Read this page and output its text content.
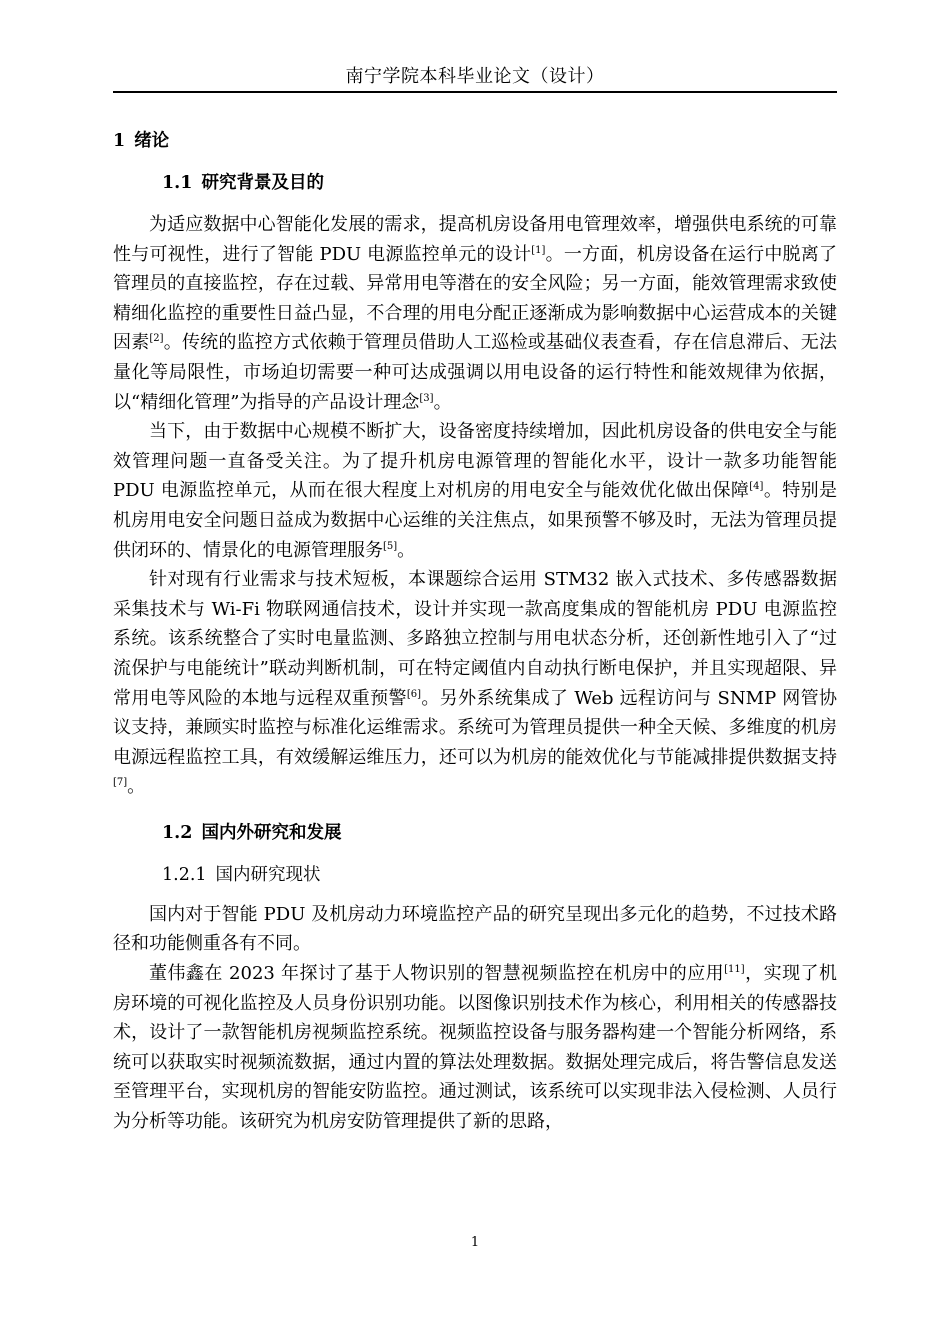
南宁学院本科毕业论文（设计）
1 绪论
1.1 研究背景及目的

为适应数据中心智能化发展的需求，提高机房设备用电管理效率，增强供电系统的可靠性与可视性，进行了智能 PDU 电源监控单元的设计[1]。一方面，机房设备在运行中脱离了管理员的直接监控，存在过载、异常用电等潜在的安全风险；另一方面，能效管理需求致使精细化监控的重要性日益凸显，不合理的用电分配正逐渐成为影响数据中心运营成本的关键因素[2]。传统的监控方式依赖于管理员借助人工巡检或基础仪表查看，存在信息滞后、无法量化等局限性，市场迫切需要一种可达成强调以用电设备的运行特性和能效规律为依据，以“精细化管理”为指导的产品设计理念[3]。

当下，由于数据中心规模不断扩大，设备密度持续增加，因此机房设备的供电安全与能效管理问题一直备受关注。为了提升机房电源管理的智能化水平，设计一款多功能智能 PDU 电源监控单元，从而在很大程度上对机房的用电安全与能效优化做出保障[4]。特别是机房用电安全问题日益成为数据中心运维的关注焦点，如果预警不够及时，无法为管理员提供闭环的、情景化的电源管理服务[5]。

针对现有行业需求与技术短板，本课题综合运用 STM32 嵌入式技术、多传感器数据采集技术与 Wi-Fi 物联网通信技术，设计并实现一款高度集成的智能机房 PDU 电源监控系统。该系统整合了实时电量监测、多路独立控制与用电状态分析，还创新性地引入了“过流保护与电能统计”联动判断机制，可在特定阈值内自动执行断电保护，并且实现超限、异常用电等风险的本地与远程双重预警[6]。另外系统集成了 Web 远程访问与 SNMP 网管协议支持，兼顾实时监控与标准化运维需求。系统可为管理员提供一种全天候、多维度的机房电源远程监控工具，有效缓解运维压力，还可以为机房的能效优化与节能减排提供数据支持[7]。

1.2 国内外研究和发展
1.2.1 国内研究现状

国内对于智能 PDU 及机房动力环境监控产品的研究呈现出多元化的趋势，不过技术路径和功能侧重各有不同。

董伟鑫在 2023 年探讨了基于人物识别的智慧视频监控在机房中的应用[11]，实现了机房环境的可视化监控及人员身份识别功能。以图像识别技术作为核心，利用相关的传感器技术，设计了一款智能机房视频监控系统。视频监控设备与服务器构建一个智能分析网络，系统可以获取实时视频流数据，通过内置的算法处理数据。数据处理完成后，将告警信息发送至管理平台，实现机房的智能安防监控。通过测试，该系统可以实现非法入侵检测、人员行为分析等功能。该研究为机房安防管理提供了新的思路，

1
